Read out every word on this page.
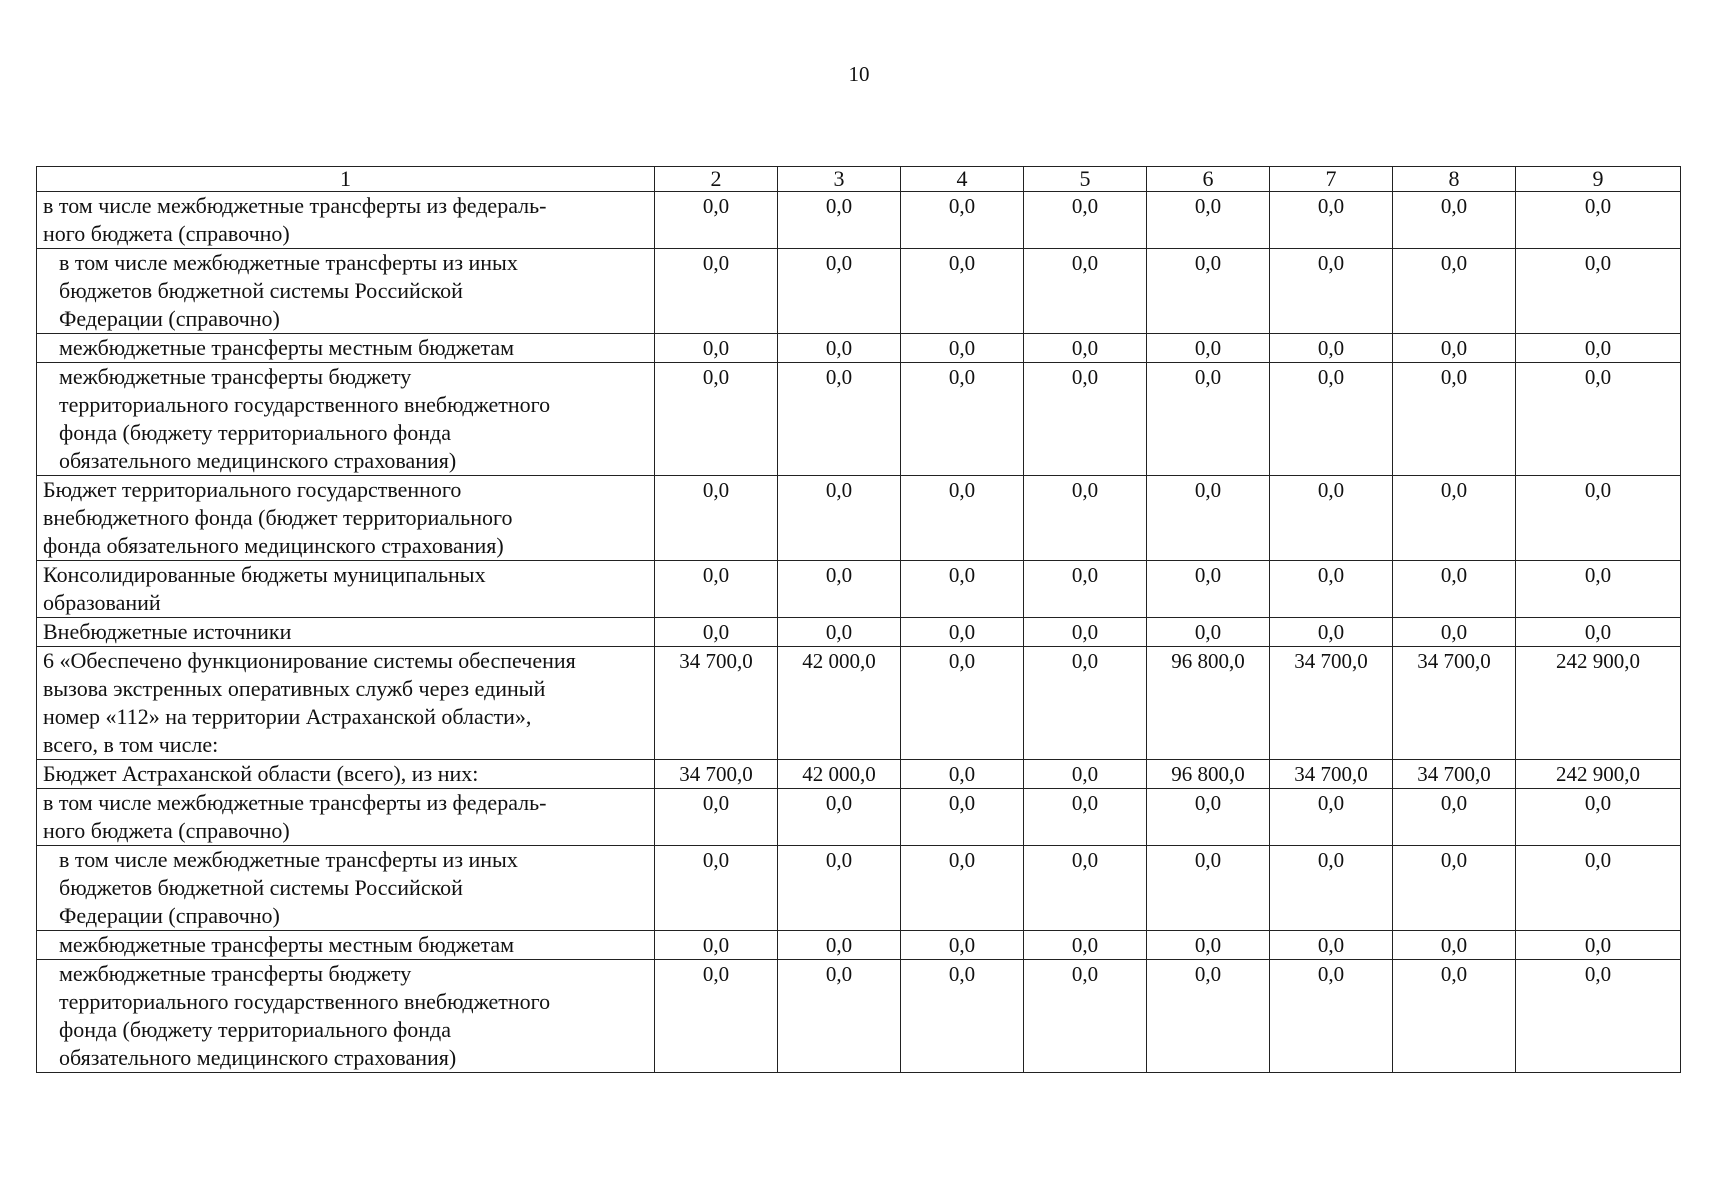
10
1	2	3	4	5	6	7	8	9
в том числе межбюджетные трансферты из федераль-
ного бюджета (справочно)	0,0	0,0	0,0	0,0	0,0	0,0	0,0	0,0
в том числе межбюджетные трансферты из иных
бюджетов бюджетной системы Российской
Федерации (справочно)	0,0	0,0	0,0	0,0	0,0	0,0	0,0	0,0
межбюджетные трансферты местным бюджетам	0,0	0,0	0,0	0,0	0,0	0,0	0,0	0,0
межбюджетные трансферты бюджету
территориального государственного внебюджетного
фонда (бюджету территориального фонда
обязательного медицинского страхования)	0,0	0,0	0,0	0,0	0,0	0,0	0,0	0,0
Бюджет территориального государственного
внебюджетного фонда (бюджет территориального
фонда обязательного медицинского страхования)	0,0	0,0	0,0	0,0	0,0	0,0	0,0	0,0
Консолидированные бюджеты муниципальных
образований	0,0	0,0	0,0	0,0	0,0	0,0	0,0	0,0
Внебюджетные источники	0,0	0,0	0,0	0,0	0,0	0,0	0,0	0,0
6 «Обеспечено функционирование системы обеспечения
вызова экстренных оперативных служб через единый
номер «112» на территории Астраханской области»,
всего, в том числе:	34 700,0	42 000,0	0,0	0,0	96 800,0	34 700,0	34 700,0	242 900,0
Бюджет Астраханской области (всего), из них:	34 700,0	42 000,0	0,0	0,0	96 800,0	34 700,0	34 700,0	242 900,0
в том числе межбюджетные трансферты из федераль-
ного бюджета (справочно)	0,0	0,0	0,0	0,0	0,0	0,0	0,0	0,0
в том числе межбюджетные трансферты из иных
бюджетов бюджетной системы Российской
Федерации (справочно)	0,0	0,0	0,0	0,0	0,0	0,0	0,0	0,0
межбюджетные трансферты местным бюджетам	0,0	0,0	0,0	0,0	0,0	0,0	0,0	0,0
межбюджетные трансферты бюджету
территориального государственного внебюджетного
фонда (бюджету территориального фонда
обязательного медицинского страхования)	0,0	0,0	0,0	0,0	0,0	0,0	0,0	0,0
